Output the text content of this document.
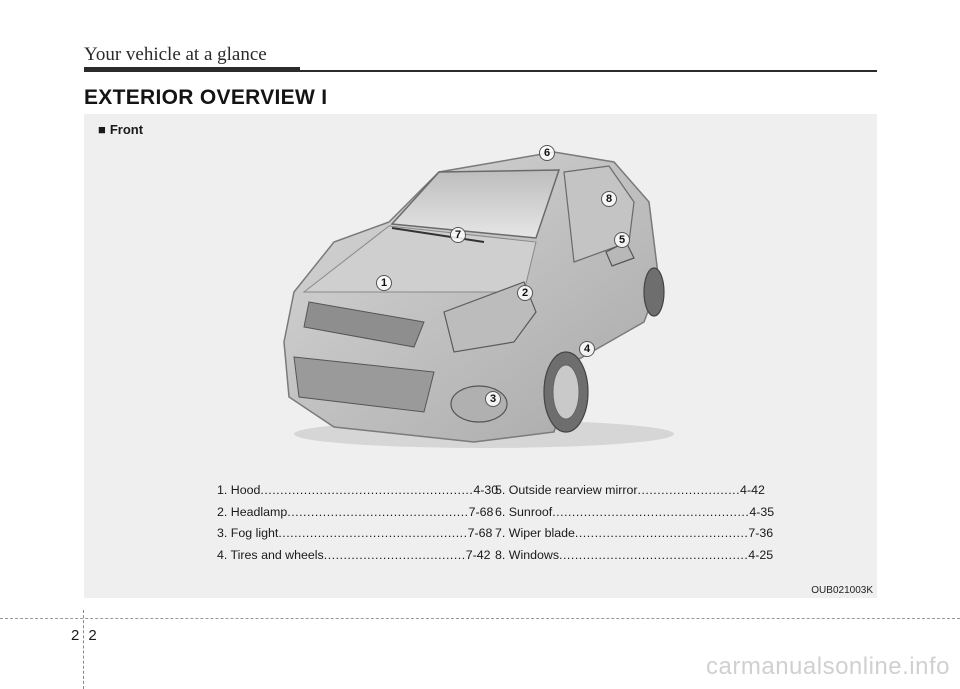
Your vehicle at a glance
EXTERIOR OVERVIEW I
■ Front
1
2
3
4
5
6
7
8
1. Hood ...................................................... 4-30
2. Headlamp .............................................. 7-68
3. Fog light ................................................ 7-68
4. Tires and wheels .................................... 7-42
5. Outside rearview mirror .......................... 4-42
6. Sunroof .................................................. 4-35
7. Wiper blade ............................................ 7-36
8. Windows ................................................ 4-25
OUB021003K
2 2
carmanualsonline.info
